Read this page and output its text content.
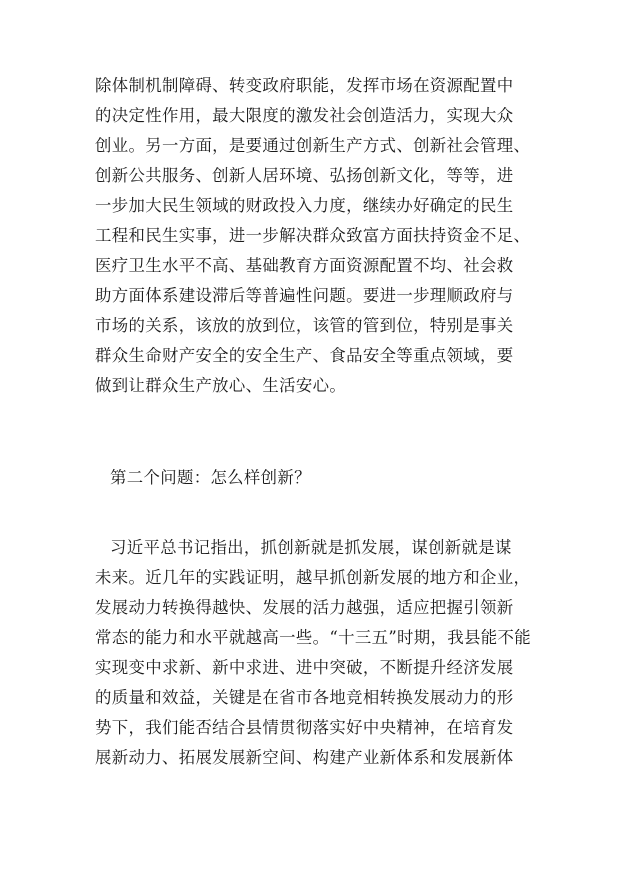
除体制机制障碍、转变政府职能，发挥市场在资源配置中
的决定性作用，最大限度的激发社会创造活力，实现大众
创业。另一方面，是要通过创新生产方式、创新社会管理、
创新公共服务、创新人居环境、弘扬创新文化，等等，进
一步加大民生领域的财政投入力度，继续办好确定的民生
工程和民生实事，进一步解决群众致富方面扶持资金不足、
医疗卫生水平不高、基础教育方面资源配置不均、社会救
助方面体系建设滞后等普遍性问题。要进一步理顺政府与
市场的关系，该放的放到位，该管的管到位，特别是事关
群众生命财产安全的安全生产、食品安全等重点领域，要
做到让群众生产放心、生活安心。
第二个问题：怎么样创新？
习近平总书记指出，抓创新就是抓发展，谋创新就是谋
未来。近几年的实践证明，越早抓创新发展的地方和企业，
发展动力转换得越快、发展的活力越强，适应把握引领新
常态的能力和水平就越高一些。“十三五”时期，我县能不能
实现变中求新、新中求进、进中突破，不断提升经济发展
的质量和效益，关键是在省市各地竞相转换发展动力的形
势下，我们能否结合县情贯彻落实好中央精神，在培育发
展新动力、拓展发展新空间、构建产业新体系和发展新体
